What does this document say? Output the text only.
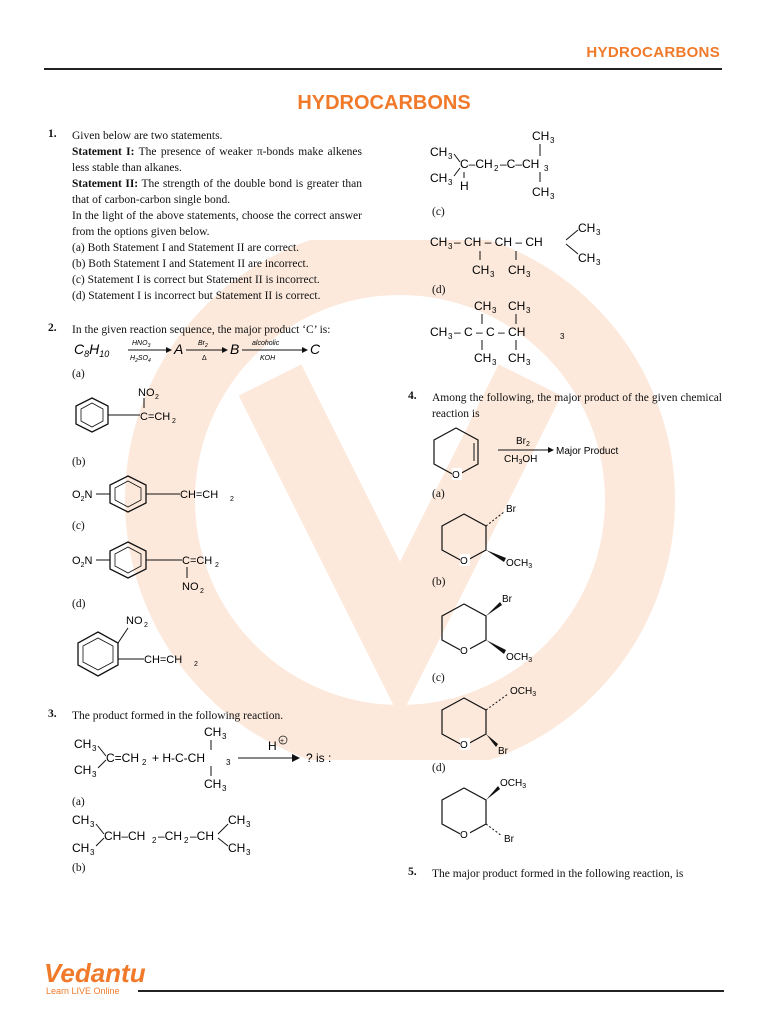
HYDROCARBONS
HYDROCARBONS
1. Given below are two statements.
Statement I: The presence of weaker π-bonds make alkenes less stable than alkanes.
Statement II: The strength of the double bond is greater than that of carbon-carbon single bond.
In the light of the above statements, choose the correct answer from the options given below.
(a) Both Statement I and Statement II are correct.
(b) Both Statement I and Statement II are incorrect.
(c) Statement I is correct but Statement II is incorrect.
(d) Statement I is incorrect but Statement II is correct.
2. In the given reaction sequence, the major product ‘C’ is:
$C_8H_{10}$
$HNO_3$
$H_2SO_4$
A $Br_2$
Δ
B alcoholic
KOH
C
(a)
C=CH 2
NO 2
(b)
$O_2N$	CH=CH 2
(c)
$O_2N$	C=CH 2
NO 2
(d)
NO 2
CH=CH 2
3. The product formed in the following reaction.
CH 3
CH 3
C=CH 2 + H-C-CH	3
CH 3
CH 3
H +
? is :
(a)
CH 3
CH 3
CH–CH 2 –CH 2 –CH
CH 3
CH 3
(b)
CH 3
CH 3
C–CH 2 –C–CH 3
H
CH 3
CH 3
(c)
CH 3 – CH – CH – CH
CH 3
CH 3
CH 3 CH 3
(d)
CH 3 CH 3
CH 3 – C – C – CH	3
CH 3 CH 3
4. Among the following, the major product of the given chemical reaction is
O
$Br_2$
$CH_3OH$
Major Product
(a)
O
Br
$OCH_3$
(b)
O
Br
$OCH_3$
(c)
O
$OCH_3$
Br
(d)
O
$OCH_3$
Br
5. The major product formed in the following reaction, is
Vedantu
Learn LIVE Online
